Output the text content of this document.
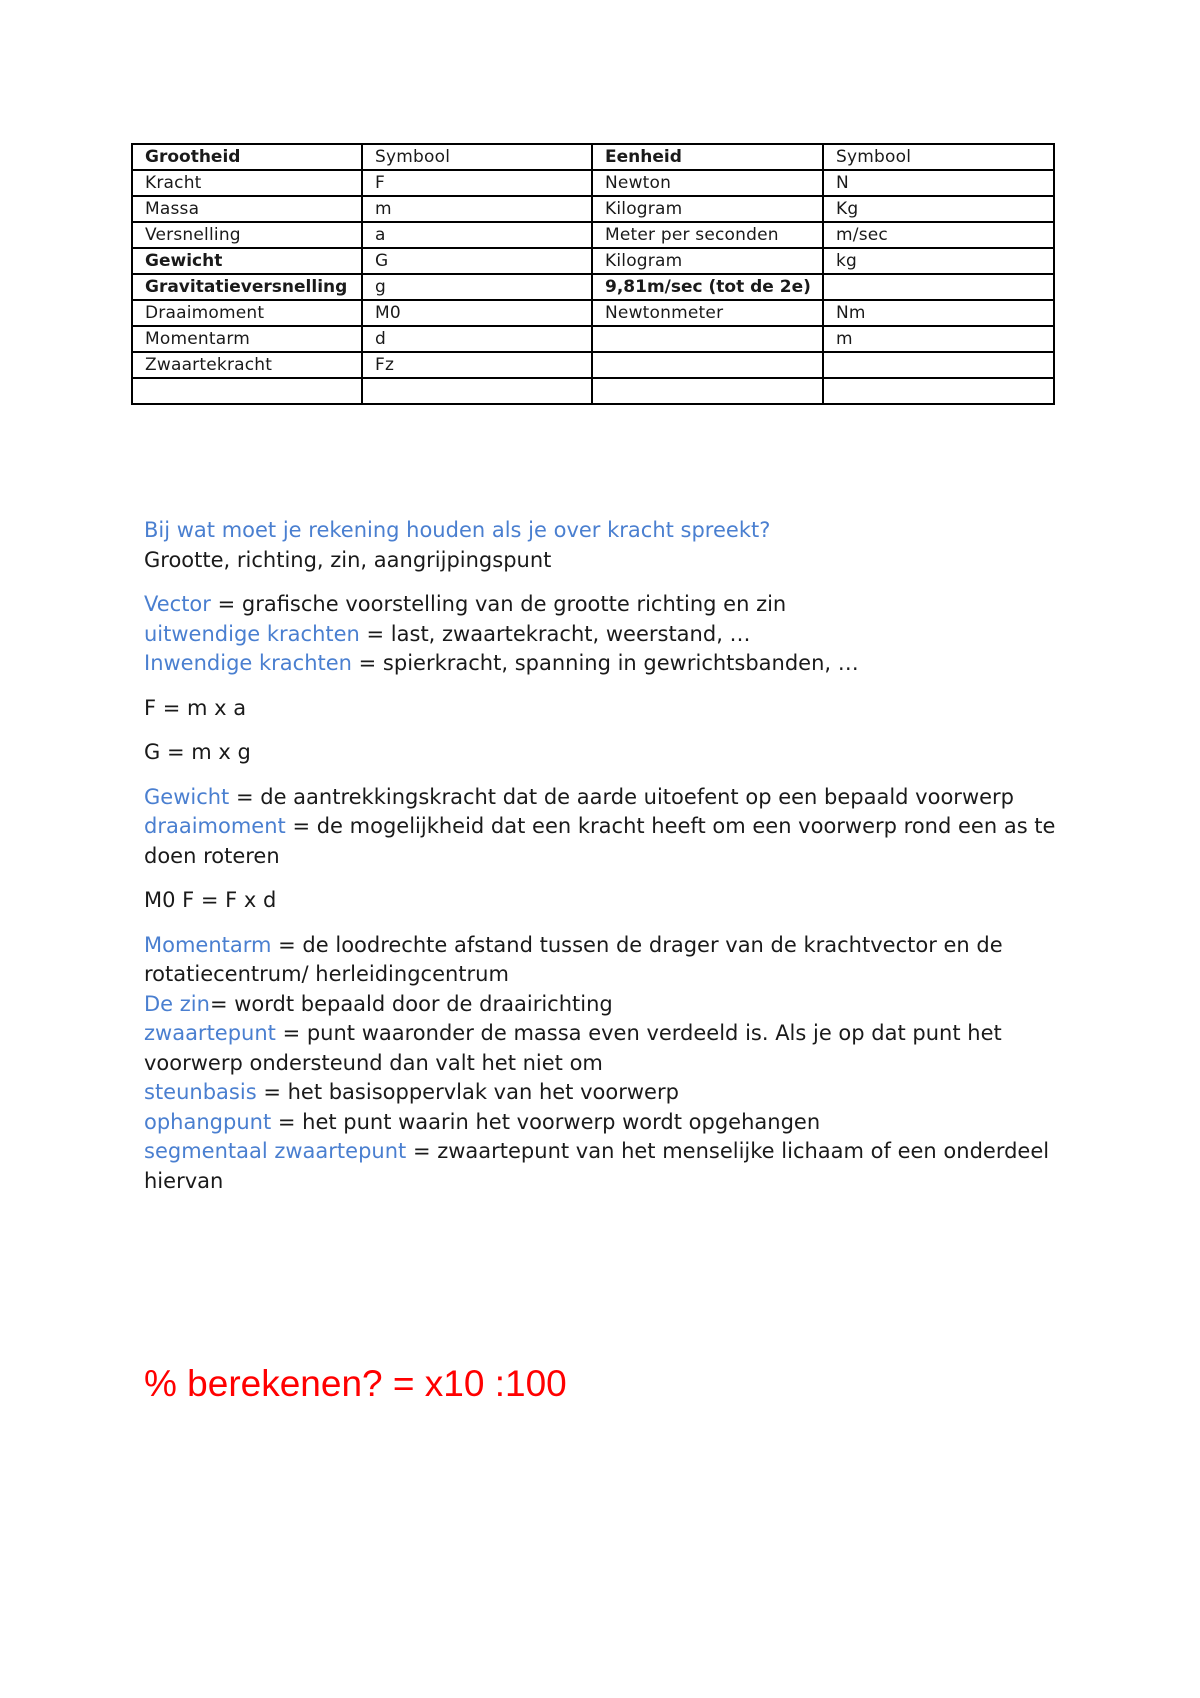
Grootheid	Symbool	Eenheid	Symbool
Kracht	F	Newton	N
Massa	m	Kilogram	Kg
Versnelling	a	Meter per seconden	m/sec
Gewicht	G	Kilogram	kg
Gravitatieversnelling	g	9,81m/sec (tot de 2e)	
Draaimoment	M0	Newtonmeter	Nm
Momentarm	d		m
Zwaartekracht	Fz		

Bij wat moet je rekening houden als je over kracht spreekt?
Grootte, richting, zin, aangrijpingspunt

Vector = grafische voorstelling van de grootte richting en zin
uitwendige krachten = last, zwaartekracht, weerstand, …
Inwendige krachten = spierkracht, spanning in gewrichtsbanden, …

F = m x a

G = m x g

Gewicht = de aantrekkingskracht dat de aarde uitoefent op een bepaald voorwerp
draaimoment = de mogelijkheid dat een kracht heeft om een voorwerp rond een as te doen roteren

M0 F = F x d

Momentarm = de loodrechte afstand tussen de drager van de krachtvector en de rotatiecentrum/ herleidingcentrum
De zin= wordt bepaald door de draairichting
zwaartepunt = punt waaronder de massa even verdeeld is. Als je op dat punt het voorwerp ondersteund dan valt het niet om
steunbasis = het basisoppervlak van het voorwerp
ophangpunt = het punt waarin het voorwerp wordt opgehangen
segmentaal zwaartepunt = zwaartepunt van het menselijke lichaam of een onderdeel hiervan

% berekenen? = x10 :100
